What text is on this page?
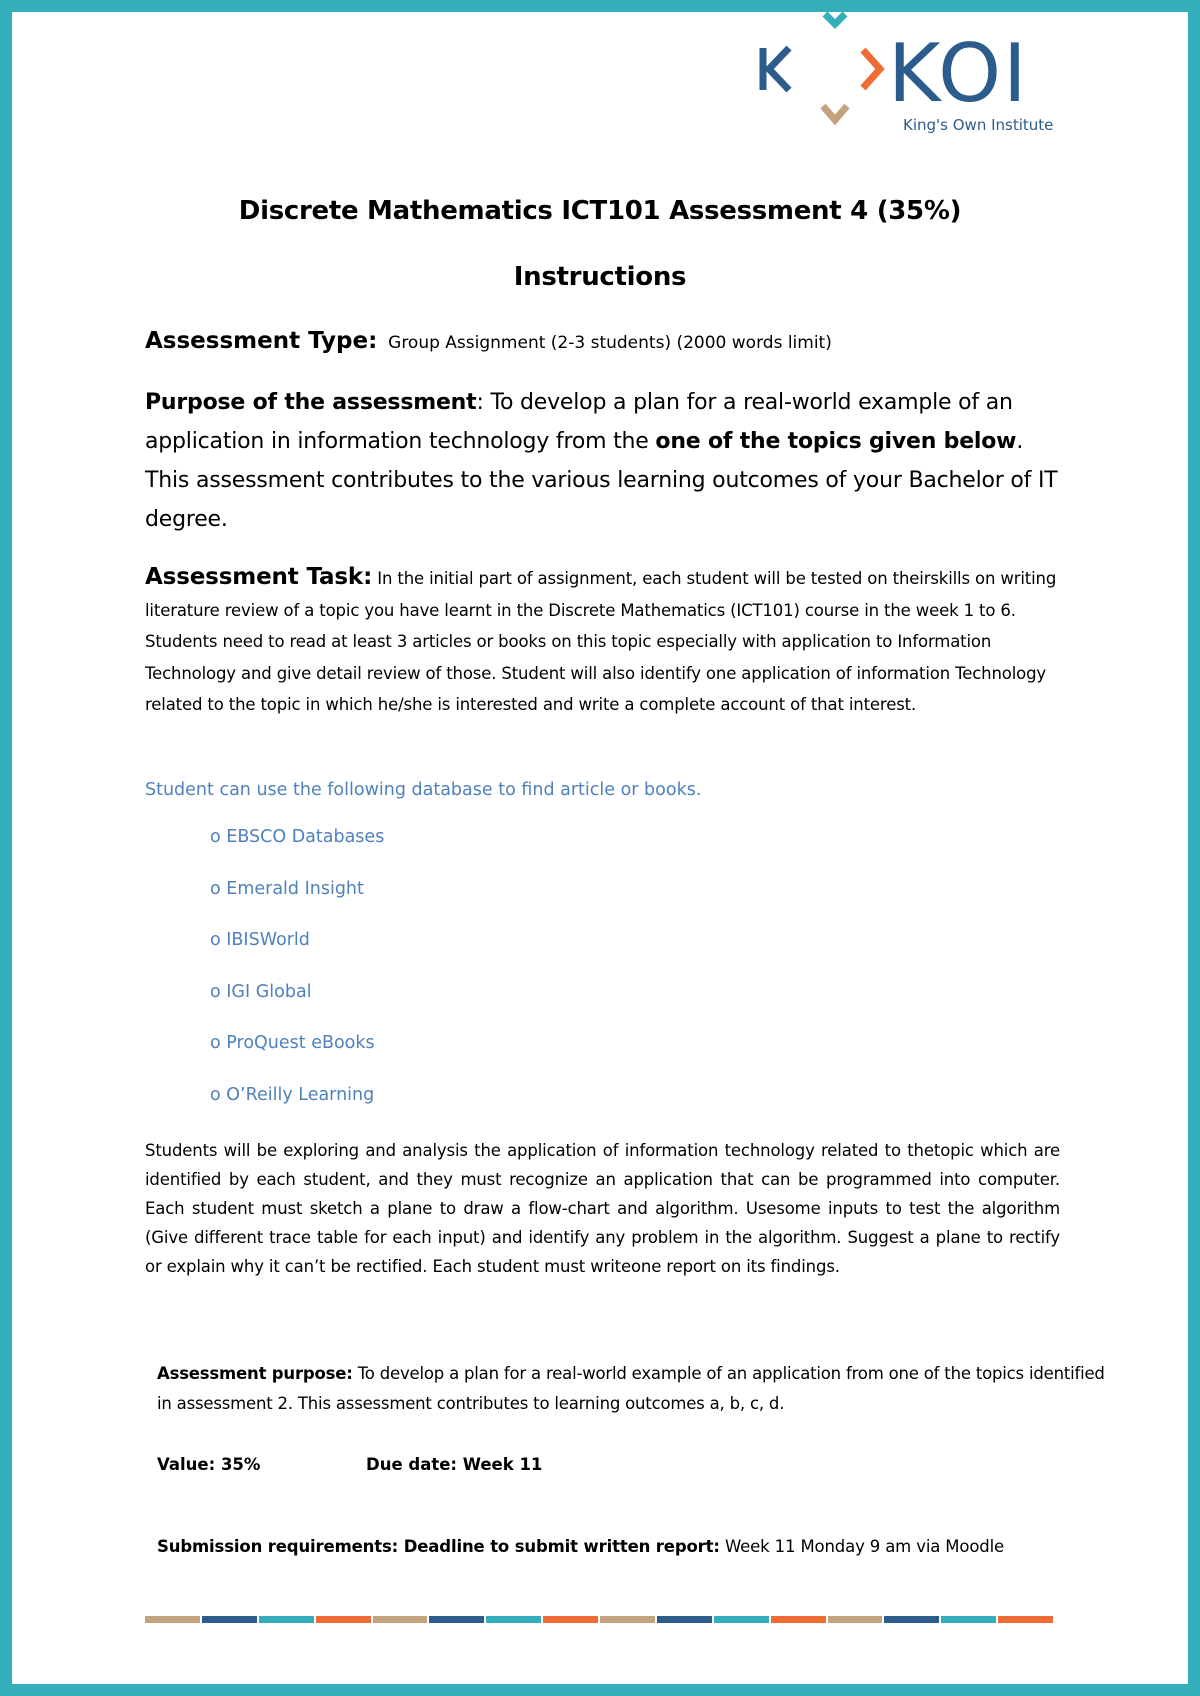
KOI
King's Own Institute
Discrete Mathematics ICT101 Assessment 4 (35%)
Instructions
Assessment Type: Group Assignment (2-3 students) (2000 words limit)
Purpose of the assessment: To develop a plan for a real-world example of an application in information technology from the one of the topics given below. This assessment contributes to the various learning outcomes of your Bachelor of IT degree.
Assessment Task: In the initial part of assignment, each student will be tested on theirskills on writing literature review of a topic you have learnt in the Discrete Mathematics (ICT101) course in the week 1 to 6. Students need to read at least 3 articles or books on this topic especially with application to Information Technology and give detail review of those. Student will also identify one application of information Technology related to the topic in which he/she is interested and write a complete account of that interest.
Student can use the following database to find article or books.
o EBSCO Databases
o Emerald Insight
o IBISWorld
o IGI Global
o ProQuest eBooks
o O’Reilly Learning
Students will be exploring and analysis the application of information technology related to thetopic which are identified by each student, and they must recognize an application that can be programmed into computer. Each student must sketch a plane to draw a flow-chart and algorithm. Usesome inputs to test the algorithm (Give different trace table for each input) and identify any problem in the algorithm. Suggest a plane to rectify or explain why it can’t be rectified. Each student must writeone report on its findings.
Assessment purpose: To develop a plan for a real-world example of an application from one of the topics identified in assessment 2. This assessment contributes to learning outcomes a, b, c, d.
Value: 35%	Due date: Week 11
Submission requirements: Deadline to submit written report: Week 11 Monday 9 am via Moodle
